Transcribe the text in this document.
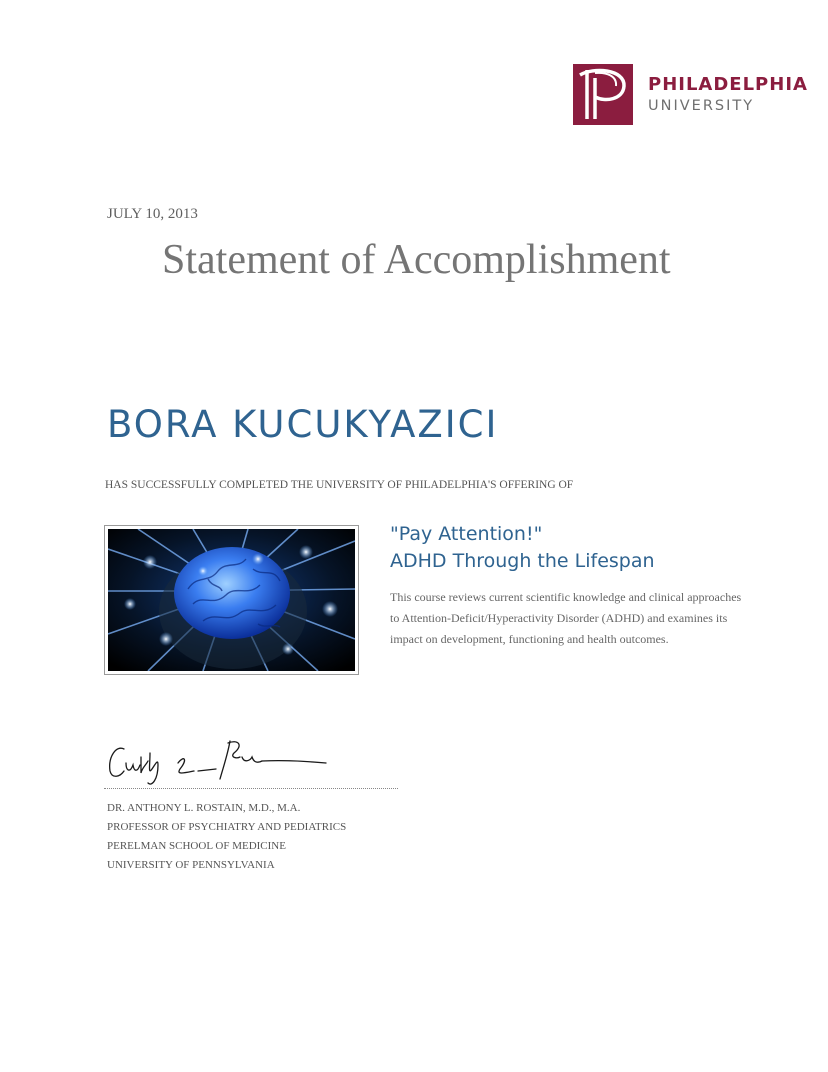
PHILADELPHIA
UNIVERSITY
JULY 10, 2013
Statement of Accomplishment
BORA KUCUKYAZICI
HAS SUCCESSFULLY COMPLETED THE UNIVERSITY OF PHILADELPHIA'S OFFERING OF
"Pay Attention!"
ADHD Through the Lifespan
This course reviews current scientific knowledge and clinical approaches to Attention-Deficit/Hyperactivity Disorder (ADHD) and examines its impact on development, functioning and health outcomes.
DR. ANTHONY L. ROSTAIN, M.D., M.A.
PROFESSOR OF PSYCHIATRY AND PEDIATRICS
PERELMAN SCHOOL OF MEDICINE
UNIVERSITY OF PENNSYLVANIA
